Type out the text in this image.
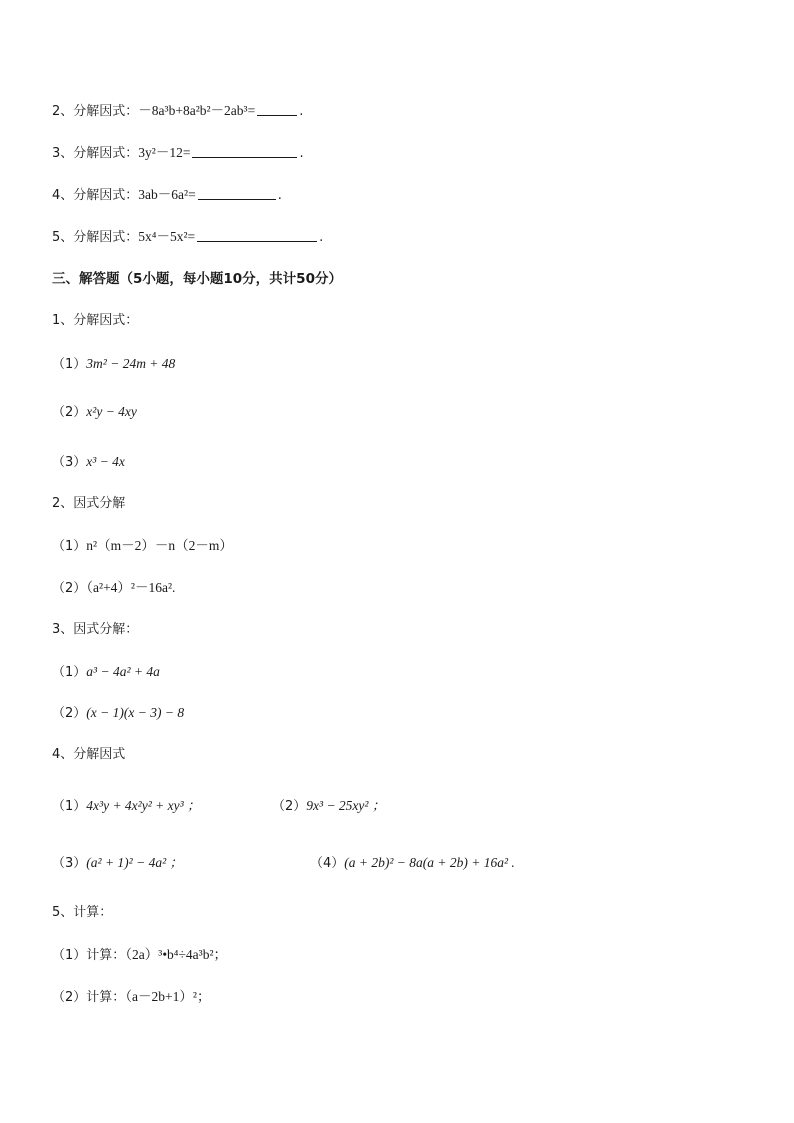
2、分解因式：－8a³b+8a²b²－2ab³=	.
3、分解因式：3y²－12=	.
4、分解因式：3ab－6a²=	.
5、分解因式：5x⁴－5x²=	.
三、解答题（5小题，每小题10分，共计50分）
1、分解因式：
（1）3m² − 24m + 48
（2）x²y − 4xy
（3）x³ − 4x
2、因式分解
（1）n²（m－2）－n（2－m）
（2）（a²+4）²－16a².
3、因式分解：
（1）a³ − 4a² + 4a
（2）(x − 1)(x − 3) − 8
4、分解因式
（1）4x³y + 4x²y² + xy³ ；	（2）9x³ − 25xy² ；
（3）(a² + 1)² − 4a² ；	（4）(a + 2b)² − 8a(a + 2b) + 16a² .
5、计算：
（1）计算：（2a）³•b⁴÷4a³b²；
（2）计算：（a－2b+1）²；
